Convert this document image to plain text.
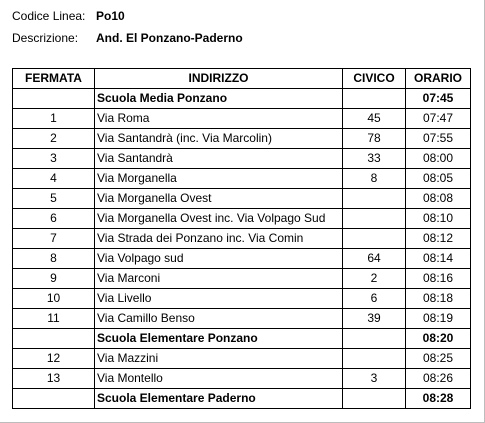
Codice Linea: Po10
Descrizione: And. El Ponzano-Paderno
FERMATA	INDIRIZZO	CIVICO	ORARIO
	Scuola Media Ponzano		07:45
1	Via Roma	45	07:47
2	Via Santandrà (inc. Via Marcolin)	78	07:55
3	Via Santandrà	33	08:00
4	Via Morganella	8	08:05
5	Via Morganella Ovest		08:08
6	Via Morganella Ovest inc. Via Volpago Sud		08:10
7	Via Strada dei Ponzano inc. Via Comin		08:12
8	Via Volpago sud	64	08:14
9	Via Marconi	2	08:16
10	Via Livello	6	08:18
11	Via Camillo Benso	39	08:19
	Scuola Elementare Ponzano		08:20
12	Via Mazzini		08:25
13	Via Montello	3	08:26
	Scuola Elementare Paderno		08:28
